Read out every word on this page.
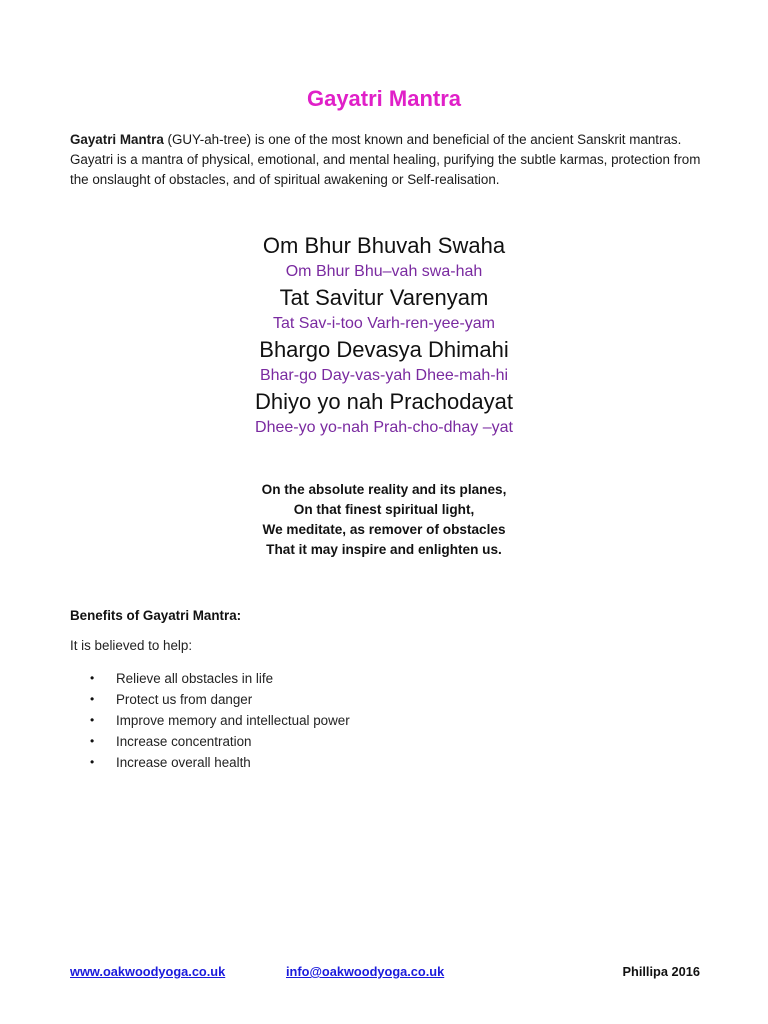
Gayatri Mantra
Gayatri Mantra (GUY-ah-tree) is one of the most known and beneficial of the ancient Sanskrit mantras. Gayatri is a mantra of physical, emotional, and mental healing, purifying the subtle karmas, protection from the onslaught of obstacles, and of spiritual awakening or Self-realisation.
Om Bhur Bhuvah Swaha
Om Bhur Bhu–vah swa-hah
Tat Savitur Varenyam
Tat Sav-i-too Varh-ren-yee-yam
Bhargo Devasya Dhimahi
Bhar-go Day-vas-yah Dhee-mah-hi
Dhiyo yo nah Prachodayat
Dhee-yo yo-nah Prah-cho-dhay –yat
On the absolute reality and its planes,
On that finest spiritual light,
We meditate, as remover of obstacles
That it may inspire and enlighten us.
Benefits of Gayatri Mantra:
It is believed to help:
• Relieve all obstacles in life
• Protect us from danger
• Improve memory and intellectual power
• Increase concentration
• Increase overall health
www.oakwoodyoga.co.uk	info@oakwoodyoga.co.uk	Phillipa 2016
